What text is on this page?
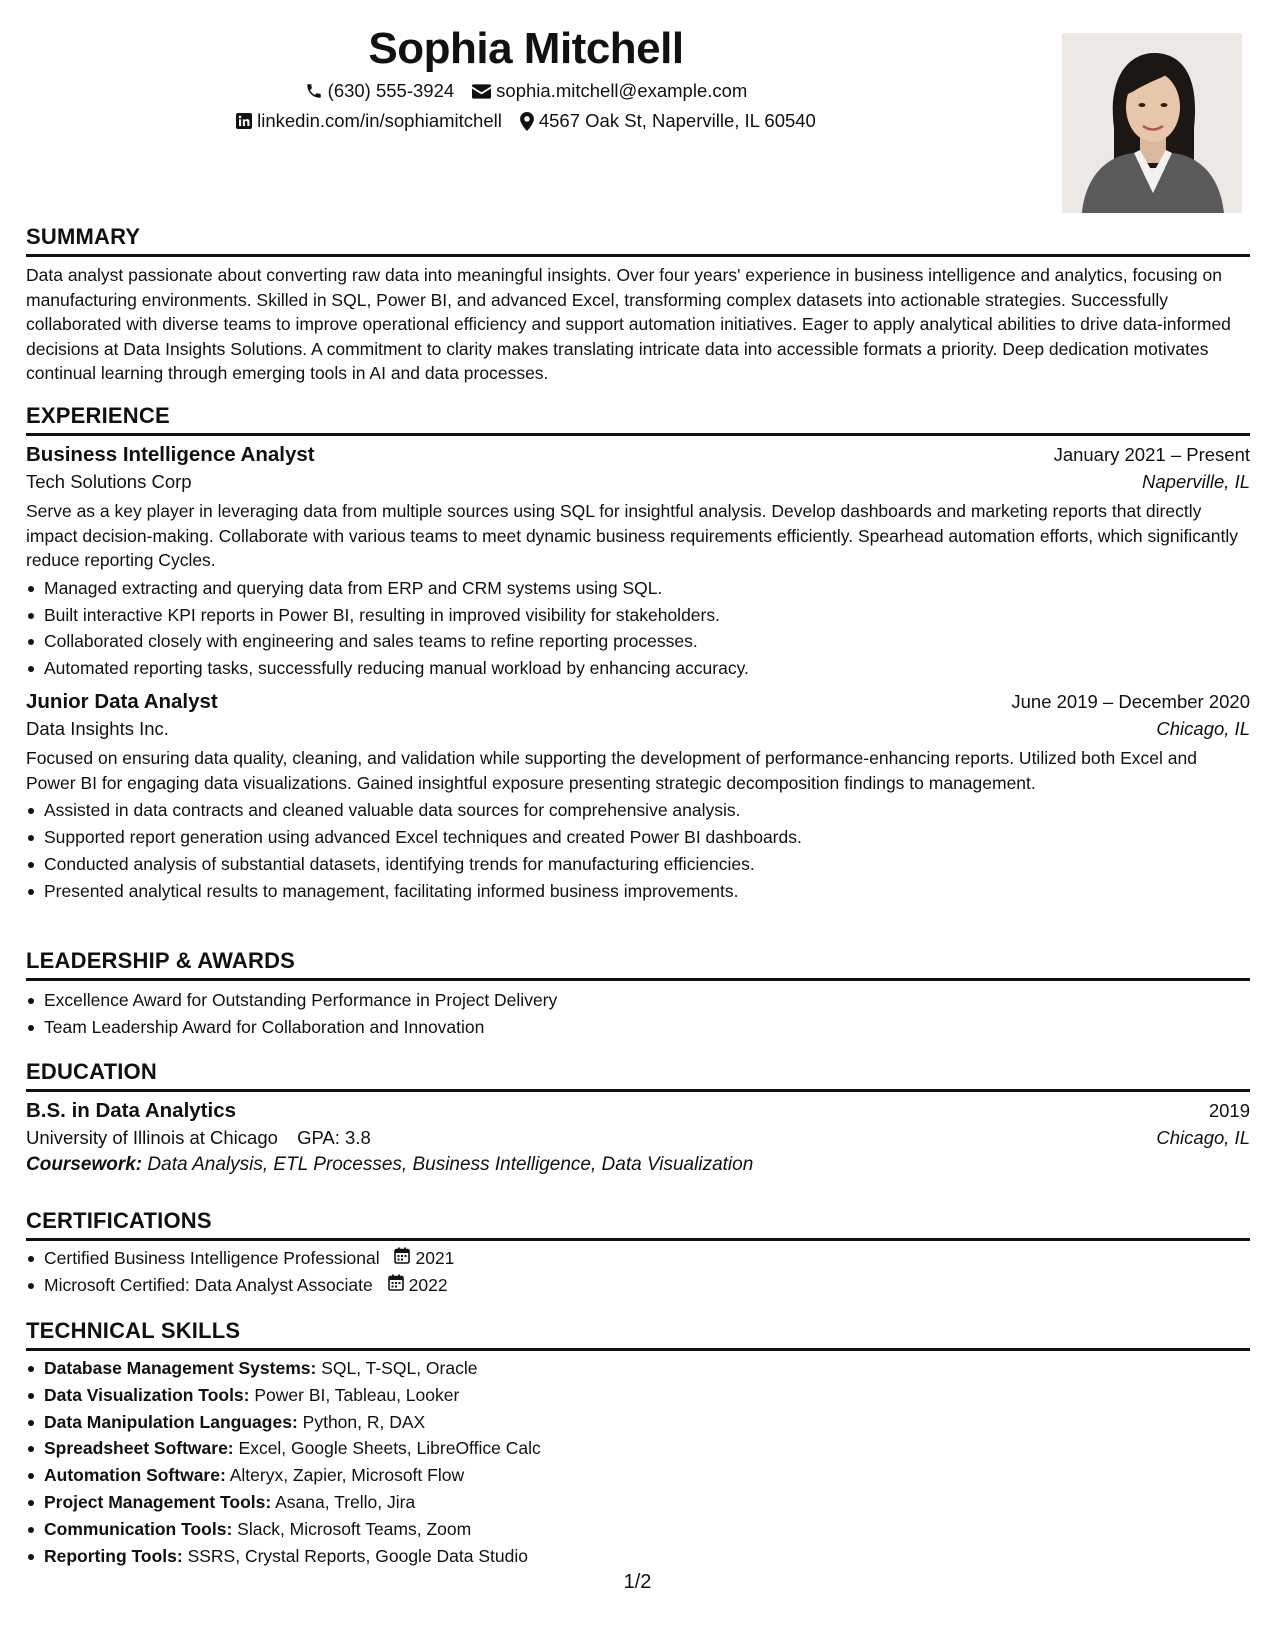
Sophia Mitchell
(630) 555-3924 sophia.mitchell@example.com
linkedin.com/in/sophiamitchell 4567 Oak St, Naperville, IL 60540
SUMMARY

Data analyst passionate about converting raw data into meaningful insights. Over four years' experience in business intelligence and analytics, focusing on manufacturing environments. Skilled in SQL, Power BI, and advanced Excel, transforming complex datasets into actionable strategies. Successfully collaborated with diverse teams to improve operational efficiency and support automation initiatives. Eager to apply analytical abilities to drive data-informed decisions at Data Insights Solutions. A commitment to clarity makes translating intricate data into accessible formats a priority. Deep dedication motivates continual learning through emerging tools in AI and data processes.

EXPERIENCE
Business Intelligence Analyst	January 2021 – Present
Tech Solutions Corp	Naperville, IL

Serve as a key player in leveraging data from multiple sources using SQL for insightful analysis. Develop dashboards and marketing reports that directly impact decision-making. Collaborate with various teams to meet dynamic business requirements efficiently. Spearhead automation efforts, which significantly reduce reporting Cycles.

Managed extracting and querying data from ERP and CRM systems using SQL.
Built interactive KPI reports in Power BI, resulting in improved visibility for stakeholders.
Collaborated closely with engineering and sales teams to refine reporting processes.
Automated reporting tasks, successfully reducing manual workload by enhancing accuracy.
Junior Data Analyst	June 2019 – December 2020
Data Insights Inc.	Chicago, IL

Focused on ensuring data quality, cleaning, and validation while supporting the development of performance-enhancing reports. Utilized both Excel and Power BI for engaging data visualizations. Gained insightful exposure presenting strategic decomposition findings to management.

Assisted in data contracts and cleaned valuable data sources for comprehensive analysis.
Supported report generation using advanced Excel techniques and created Power BI dashboards.
Conducted analysis of substantial datasets, identifying trends for manufacturing efficiencies.
Presented analytical results to management, facilitating informed business improvements.
LEADERSHIP & AWARDS
Excellence Award for Outstanding Performance in Project Delivery
Team Leadership Award for Collaboration and Innovation
EDUCATION
B.S. in Data Analytics	2019
University of Illinois at Chicago GPA: 3.8	Chicago, IL
Coursework: Data Analysis, ETL Processes, Business Intelligence, Data Visualization
CERTIFICATIONS
Certified Business Intelligence Professional 2021
Microsoft Certified: Data Analyst Associate 2022
TECHNICAL SKILLS
Database Management Systems: SQL, T-SQL, Oracle
Data Visualization Tools: Power BI, Tableau, Looker
Data Manipulation Languages: Python, R, DAX
Spreadsheet Software: Excel, Google Sheets, LibreOffice Calc
Automation Software: Alteryx, Zapier, Microsoft Flow
Project Management Tools: Asana, Trello, Jira
Communication Tools: Slack, Microsoft Teams, Zoom
Reporting Tools: SSRS, Crystal Reports, Google Data Studio
1/2
